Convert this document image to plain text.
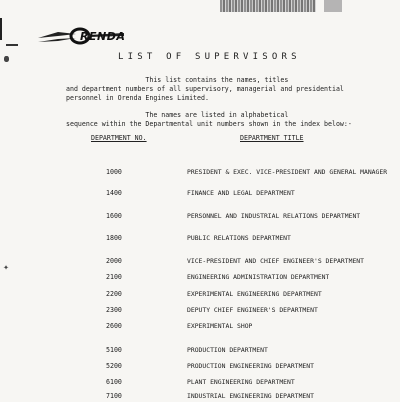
✦
RENDA
LIST OF SUPERVISORS
This list contains the names, titles
and department numbers of all supervisory, managerial and presidential
personnel in Orenda Engines Limited.
The names are listed in alphabetical
sequence within the Departmental unit numbers shown in the index below:-
DEPARTMENT NO.	DEPARTMENT TITLE
1000	PRESIDENT & EXEC. VICE-PRESIDENT AND GENERAL MANAGER
1400	FINANCE AND LEGAL DEPARTMENT
1600	PERSONNEL AND INDUSTRIAL RELATIONS DEPARTMENT
1800	PUBLIC RELATIONS DEPARTMENT
2000	VICE-PRESIDENT AND CHIEF ENGINEER'S DEPARTMENT
2100	ENGINEERING ADMINISTRATION DEPARTMENT
2200	EXPERIMENTAL ENGINEERING DEPARTMENT
2300	DEPUTY CHIEF ENGINEER'S DEPARTMENT
2600	EXPERIMENTAL SHOP
5100	PRODUCTION DEPARTMENT
5200	PRODUCTION ENGINEERING DEPARTMENT
6100	PLANT ENGINEERING DEPARTMENT
7100	INDUSTRIAL ENGINEERING DEPARTMENT
